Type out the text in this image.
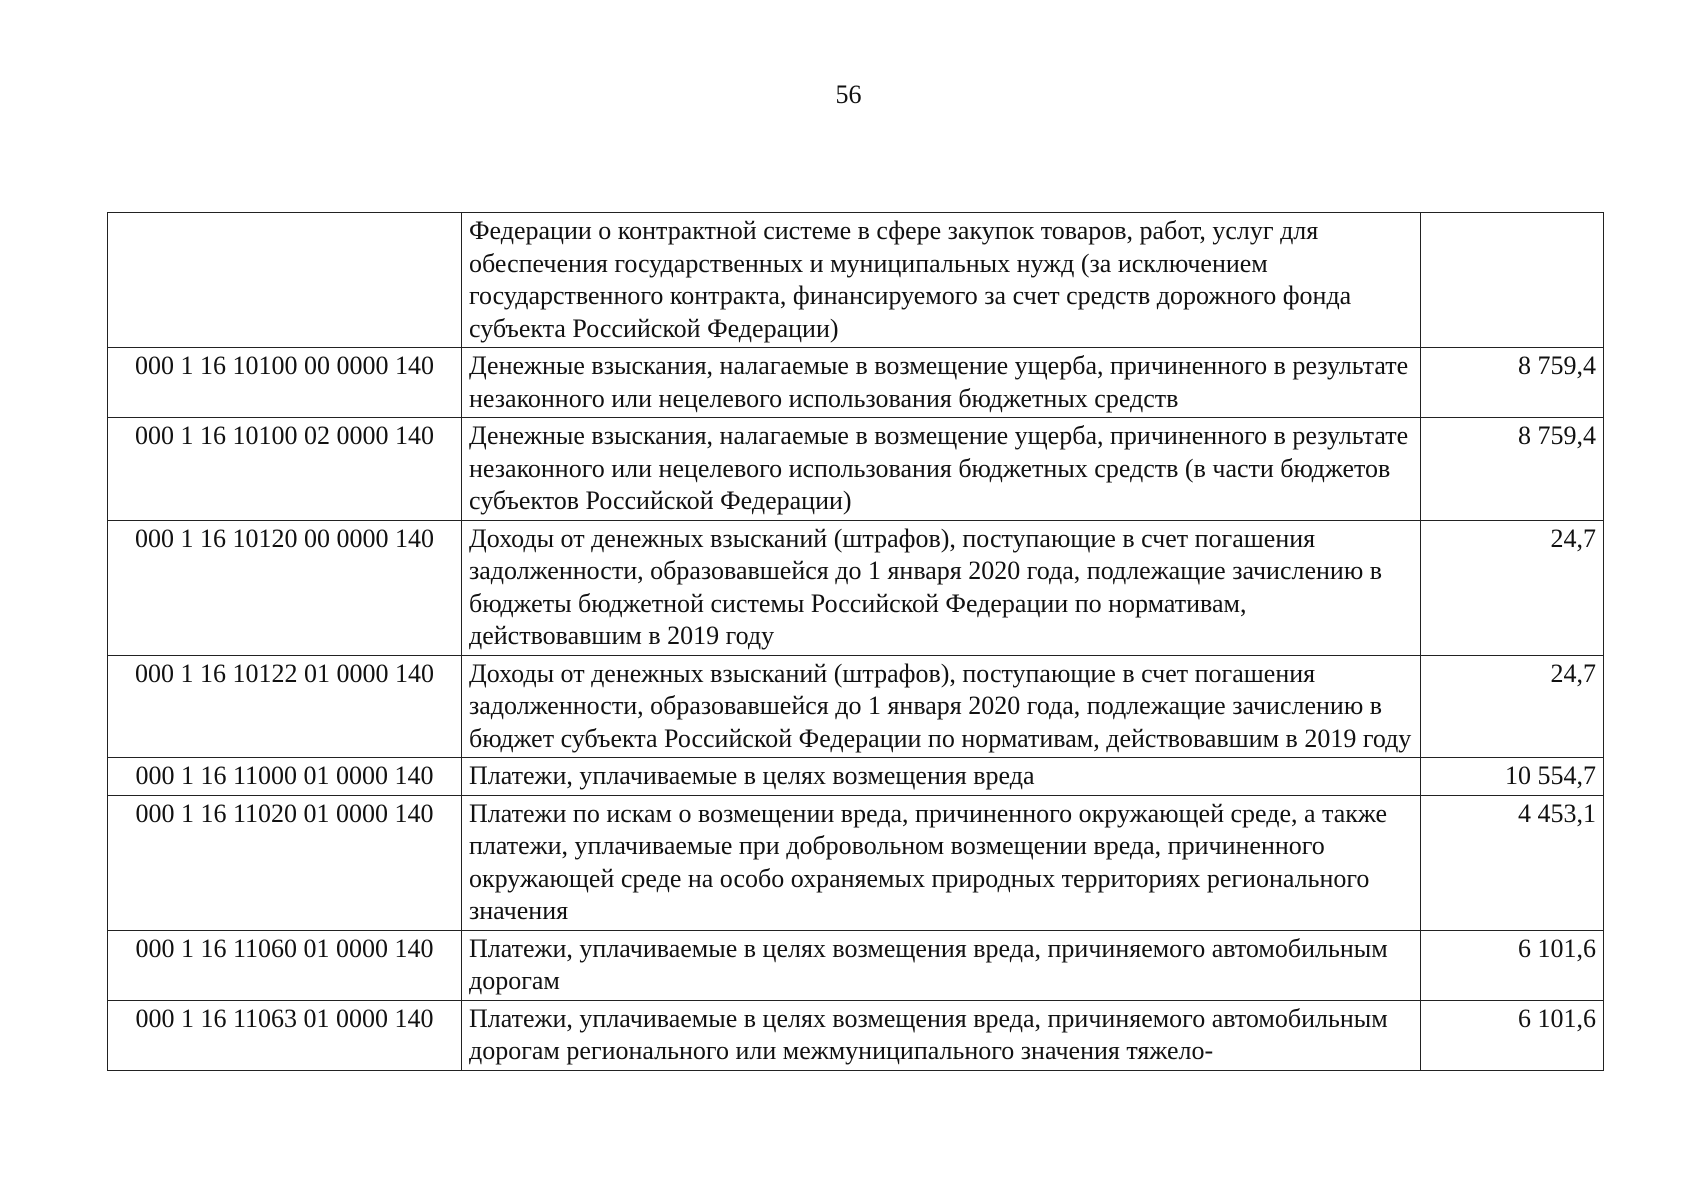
56
	Федерации о контрактной системе в сфере закупок товаров, работ, услуг для обеспечения государственных и муниципальных нужд (за исключением государственного контракта, финансируемого за счет средств дорожного фонда субъекта Российской Федерации)	
000 1 16 10100 00 0000 140	Денежные взыскания, налагаемые в возмещение ущерба, причиненного в результате незаконного или нецелевого использования бюджетных средств	8 759,4
000 1 16 10100 02 0000 140	Денежные взыскания, налагаемые в возмещение ущерба, причиненного в результате незаконного или нецелевого использования бюджетных средств (в части бюджетов субъектов Российской Федерации)	8 759,4
000 1 16 10120 00 0000 140	Доходы от денежных взысканий (штрафов), поступающие в счет погашения задолженности, образовавшейся до 1 января 2020 года, подлежащие зачислению в бюджеты бюджетной системы Российской Федерации по нормативам, действовавшим в 2019 году	24,7
000 1 16 10122 01 0000 140	Доходы от денежных взысканий (штрафов), поступающие в счет погашения задолженности, образовавшейся до 1 января 2020 года, подлежащие зачислению в бюджет субъекта Российской Федерации по нормативам, действовавшим в 2019 году	24,7
000 1 16 11000 01 0000 140	Платежи, уплачиваемые в целях возмещения вреда	10 554,7
000 1 16 11020 01 0000 140	Платежи по искам о возмещении вреда, причиненного окружающей среде, а также платежи, уплачиваемые при добровольном возмещении вреда, причиненного окружающей среде на особо охраняемых природных территориях регионального значения	4 453,1
000 1 16 11060 01 0000 140	Платежи, уплачиваемые в целях возмещения вреда, причиняемого автомобильным дорогам	6 101,6
000 1 16 11063 01 0000 140	Платежи, уплачиваемые в целях возмещения вреда, причиняемого автомобильным дорогам регионального или межмуниципального значения тяжело-	6 101,6
